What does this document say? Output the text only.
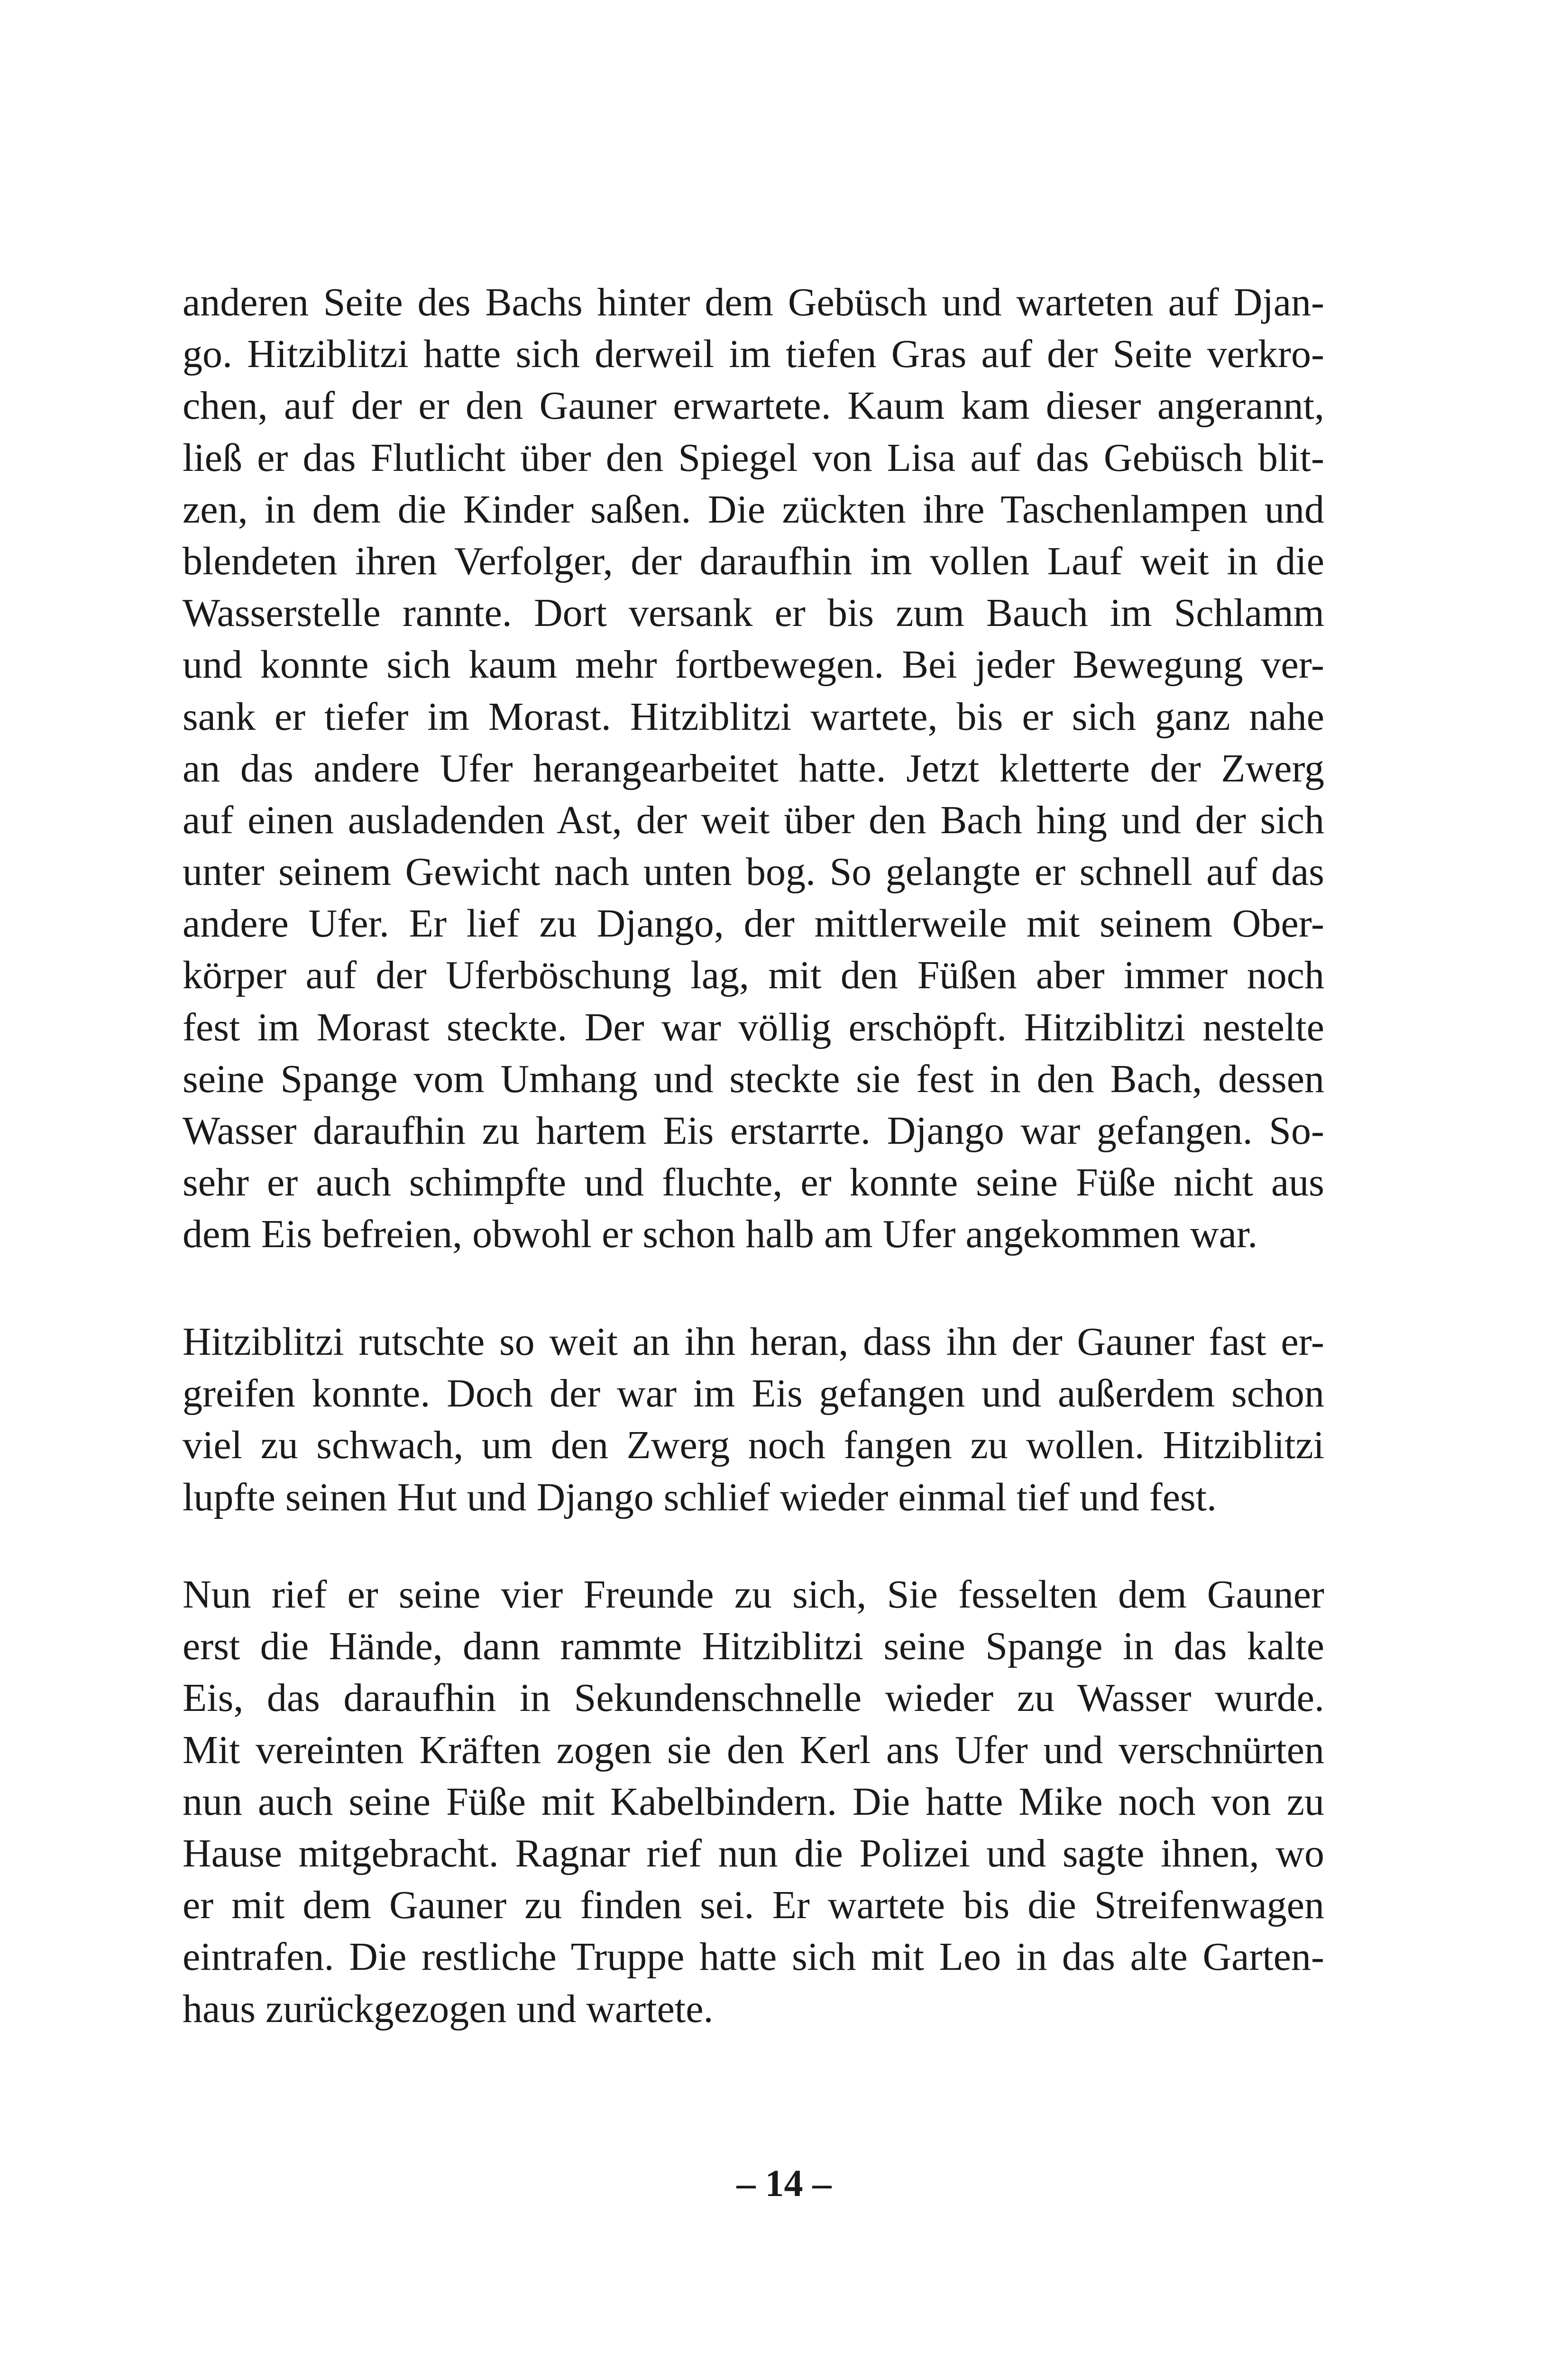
anderen Seite des Bachs hinter dem Gebüsch und warteten auf Djan-
go. Hitziblitzi hatte sich derweil im tiefen Gras auf der Seite verkro-
chen, auf der er den Gauner erwartete. Kaum kam dieser angerannt,
ließ er das Flutlicht über den Spiegel von Lisa auf das Gebüsch blit-
zen, in dem die Kinder saßen. Die zückten ihre Taschenlampen und
blendeten ihren Verfolger, der daraufhin im vollen Lauf weit in die
Wasserstelle rannte. Dort versank er bis zum Bauch im Schlamm
und konnte sich kaum mehr fortbewegen. Bei jeder Bewegung ver-
sank er tiefer im Morast. Hitziblitzi wartete, bis er sich ganz nahe
an das andere Ufer herangearbeitet hatte. Jetzt kletterte der Zwerg
auf einen ausladenden Ast, der weit über den Bach hing und der sich
unter seinem Gewicht nach unten bog. So gelangte er schnell auf das
andere Ufer. Er lief zu Django, der mittlerweile mit seinem Ober-
körper auf der Uferböschung lag, mit den Füßen aber immer noch
fest im Morast steckte. Der war völlig erschöpft. Hitziblitzi nestelte
seine Spange vom Umhang und steckte sie fest in den Bach, dessen
Wasser daraufhin zu hartem Eis erstarrte. Django war gefangen. So-
sehr er auch schimpfte und fluchte, er konnte seine Füße nicht aus
dem Eis befreien, obwohl er schon halb am Ufer angekommen war.
Hitziblitzi rutschte so weit an ihn heran, dass ihn der Gauner fast er-
greifen konnte. Doch der war im Eis gefangen und außerdem schon
viel zu schwach, um den Zwerg noch fangen zu wollen. Hitziblitzi
lupfte seinen Hut und Django schlief wieder einmal tief und fest.
Nun rief er seine vier Freunde zu sich, Sie fesselten dem Gauner
erst die Hände, dann rammte Hitziblitzi seine Spange in das kalte
Eis, das daraufhin in Sekundenschnelle wieder zu Wasser wurde.
Mit vereinten Kräften zogen sie den Kerl ans Ufer und verschnürten
nun auch seine Füße mit Kabelbindern. Die hatte Mike noch von zu
Hause mitgebracht. Ragnar rief nun die Polizei und sagte ihnen, wo
er mit dem Gauner zu finden sei. Er wartete bis die Streifenwagen
eintrafen. Die restliche Truppe hatte sich mit Leo in das alte Garten-
haus zurückgezogen und wartete.
– 14 –
